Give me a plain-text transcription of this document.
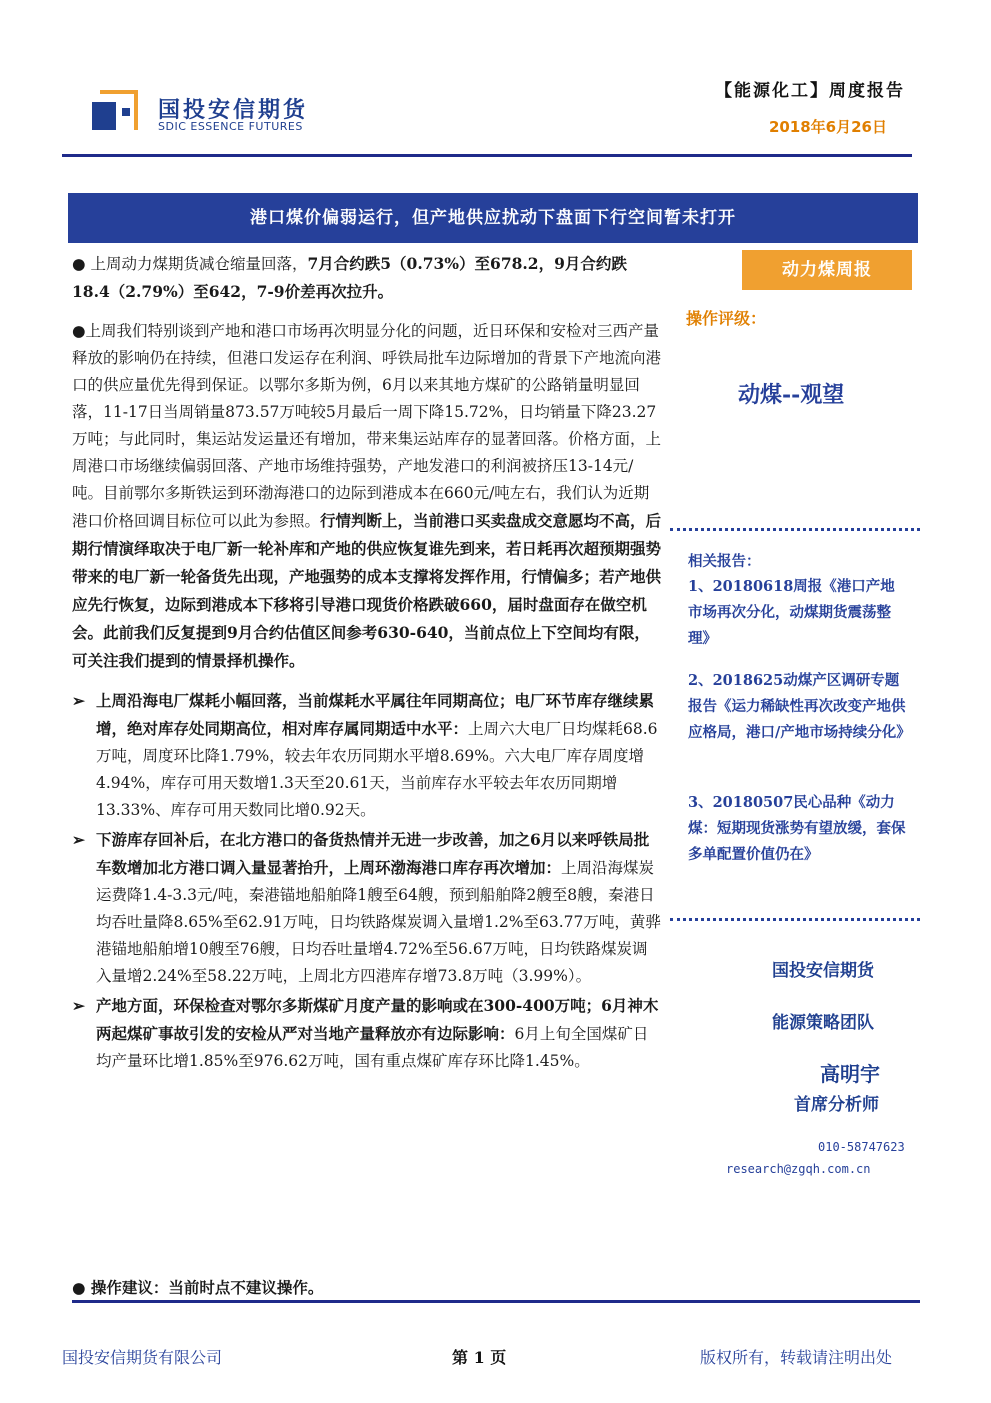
国投安信期货
SDIC ESSENCE FUTURES
【能源化工】周度报告
2018年6月26日
港口煤价偏弱运行，但产地供应扰动下盘面下行空间暂未打开

● 上周动力煤期货减仓缩量回落，7月合约跌5（0.73%）至678.2，9月合约跌18.4（2.79%）至642，7-9价差再次拉升。

●上周我们特别谈到产地和港口市场再次明显分化的问题，近日环保和安检对三西产量释放的影响仍在持续，但港口发运存在利润、呼铁局批车边际增加的背景下产地流向港口的供应量优先得到保证。以鄂尔多斯为例，6月以来其地方煤矿的公路销量明显回落，11-17日当周销量873.57万吨较5月最后一周下降15.72%，日均销量下降23.27万吨；与此同时，集运站发运量还有增加，带来集运站库存的显著回落。价格方面，上周港口市场继续偏弱回落、产地市场维持强势，产地发港口的利润被挤压13-14元/吨。目前鄂尔多斯铁运到环渤海港口的边际到港成本在660元/吨左右，我们认为近期港口价格回调目标位可以此为参照。行情判断上，当前港口买卖盘成交意愿均不高，后期行情演绎取决于电厂新一轮补库和产地的供应恢复谁先到来，若日耗再次超预期强势带来的电厂新一轮备货先出现，产地强势的成本支撑将发挥作用，行情偏多；若产地供应先行恢复，边际到港成本下移将引导港口现货价格跌破660，届时盘面存在做空机会。此前我们反复提到9月合约估值区间参考630-640，当前点位上下空间均有限，可关注我们提到的情景择机操作。

➢ 上周沿海电厂煤耗小幅回落，当前煤耗水平属往年同期高位；电厂环节库存继续累增，绝对库存处同期高位，相对库存属同期适中水平：上周六大电厂日均煤耗68.6万吨，周度环比降1.79%，较去年农历同期水平增8.69%。六大电厂库存周度增4.94%，库存可用天数增1.3天至20.61天，当前库存水平较去年农历同期增13.33%、库存可用天数同比增0.92天。
➢ 下游库存回补后，在北方港口的备货热情并无进一步改善，加之6月以来呼铁局批车数增加北方港口调入量显著抬升，上周环渤海港口库存再次增加：上周沿海煤炭运费降1.4-3.3元/吨，秦港锚地船舶降1艘至64艘，预到船舶降2艘至8艘，秦港日均吞吐量降8.65%至62.91万吨，日均铁路煤炭调入量增1.2%至63.77万吨，黄骅港锚地船舶增10艘至76艘，日均吞吐量增4.72%至56.67万吨，日均铁路煤炭调入量增2.24%至58.22万吨，上周北方四港库存增73.8万吨（3.99%）。
➢ 产地方面，环保检查对鄂尔多斯煤矿月度产量的影响或在300-400万吨；6月神木两起煤矿事故引发的安检从严对当地产量释放亦有边际影响：6月上旬全国煤矿日均产量环比增1.85%至976.62万吨，国有重点煤矿库存环比降1.45%。
● 操作建议：当前时点不建议操作。
动力煤周报
操作评级：
动煤--观望
相关报告：
1、20180618周报《港口产地市场再次分化，动煤期货震荡整理》
2、2018625动煤产区调研专题报告《运力稀缺性再次改变产地供应格局，港口/产地市场持续分化》
3、20180507民心品种《动力煤：短期现货涨势有望放缓，套保多单配置价值仍在》
国投安信期货
能源策略团队
高明宇
首席分析师
010-58747623
research@zgqh.com.cn
国投安信期货有限公司	第 1 页	版权所有，转载请注明出处
